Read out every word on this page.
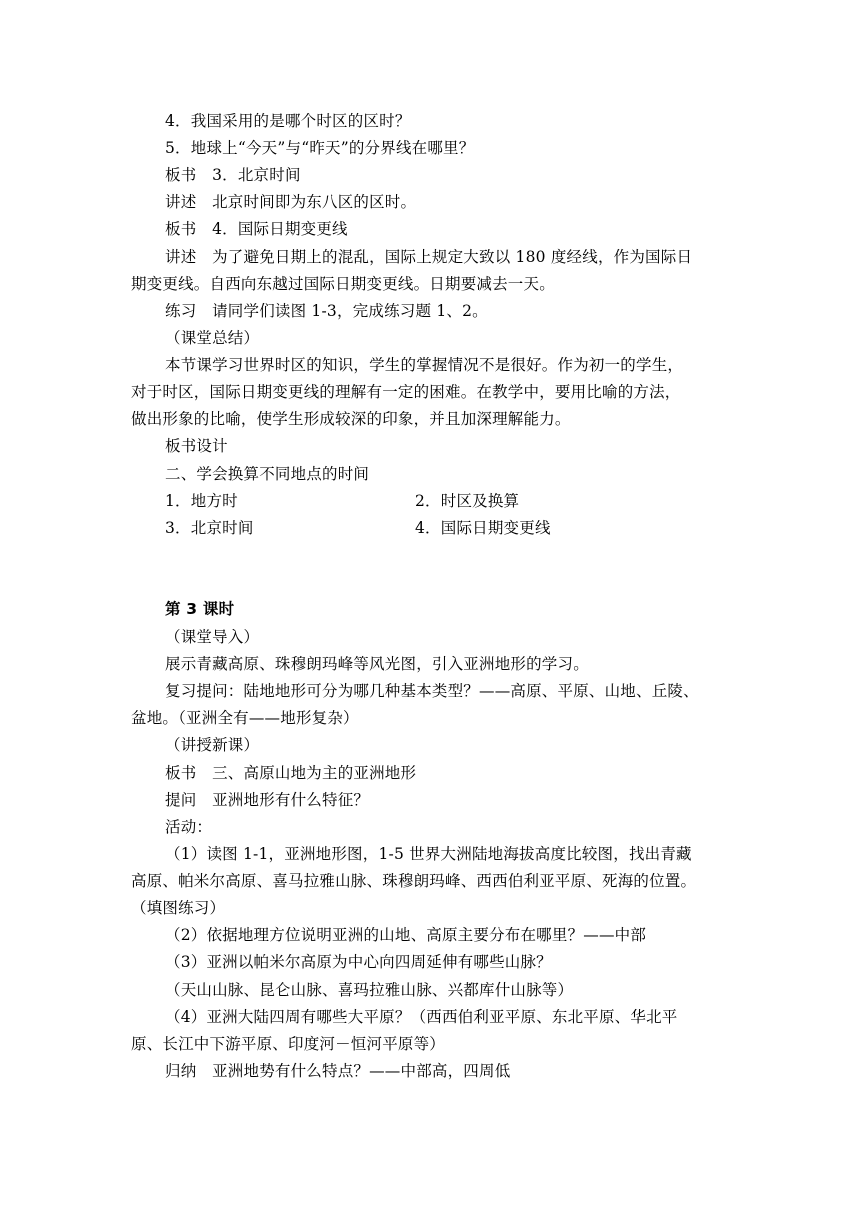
4．我国采用的是哪个时区的区时？
5．地球上“今天”与“昨天”的分界线在哪里？
板书　3．北京时间
讲述　北京时间即为东八区的区时。
板书　4．国际日期变更线
讲述　为了避免日期上的混乱，国际上规定大致以 180 度经线，作为国际日
期变更线。自西向东越过国际日期变更线。日期要减去一天。
练习　请同学们读图 1-3，完成练习题 1、2。
（课堂总结）
本节课学习世界时区的知识，学生的掌握情况不是很好。作为初一的学生，
对于时区，国际日期变更线的理解有一定的困难。在教学中，要用比喻的方法，
做出形象的比喻，使学生形成较深的印象，并且加深理解能力。
板书设计
二、学会换算不同地点的时间
1．地方时	2．时区及换算
3．北京时间	4．国际日期变更线
第 3 课时
（课堂导入）
展示青藏高原、珠穆朗玛峰等风光图，引入亚洲地形的学习。
复习提问：陆地地形可分为哪几种基本类型？——高原、平原、山地、丘陵、
盆地。（亚洲全有——地形复杂）
（讲授新课）
板书　三、高原山地为主的亚洲地形
提问　亚洲地形有什么特征？
活动：
（1）读图 1-1，亚洲地形图，1-5 世界大洲陆地海拔高度比较图，找出青藏
高原、帕米尔高原、喜马拉雅山脉、珠穆朗玛峰、西西伯利亚平原、死海的位置。
（填图练习）
（2）依据地理方位说明亚洲的山地、高原主要分布在哪里？——中部
（3）亚洲以帕米尔高原为中心向四周延伸有哪些山脉？
（天山山脉、昆仑山脉、喜玛拉雅山脉、兴都库什山脉等）
（4）亚洲大陆四周有哪些大平原？（西西伯利亚平原、东北平原、华北平
原、长江中下游平原、印度河－恒河平原等）
归纳　亚洲地势有什么特点？——中部高，四周低
